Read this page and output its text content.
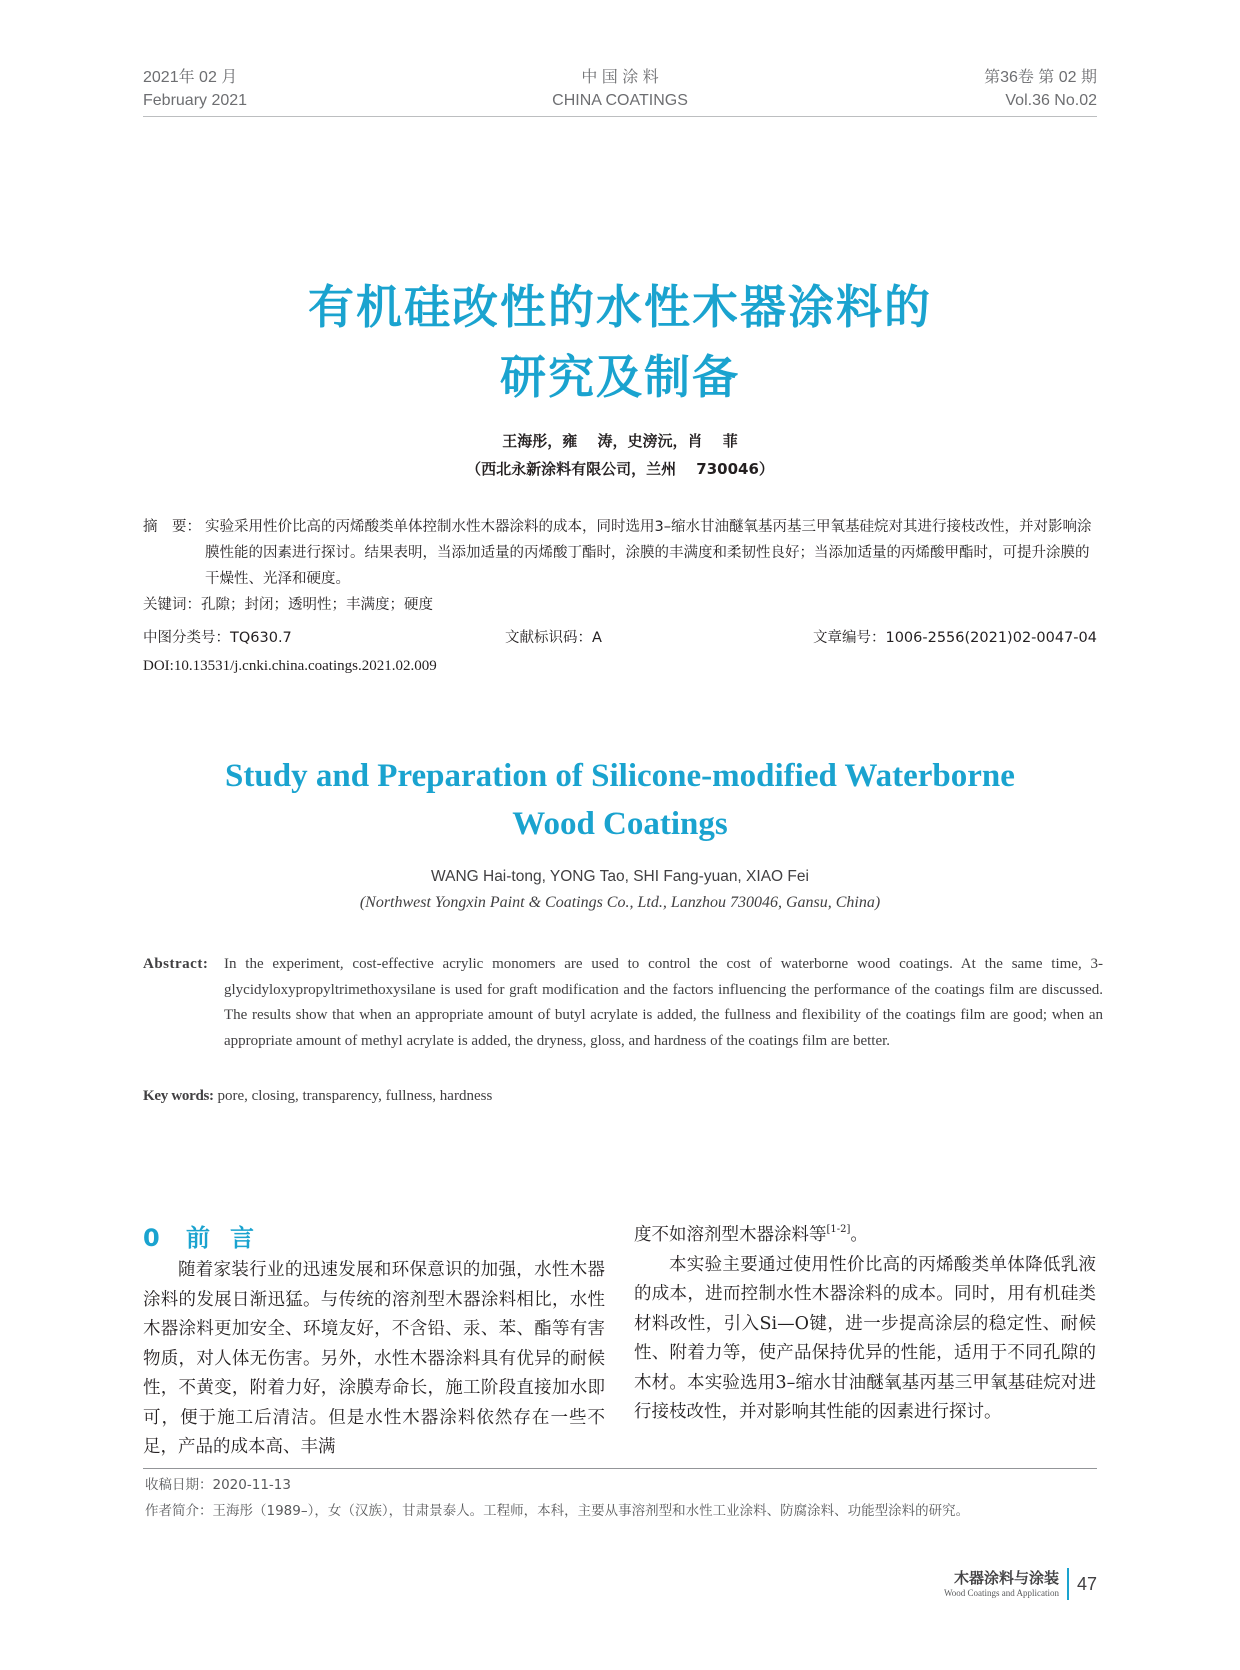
2021年 02 月
February 2021
中 国 涂 料
CHINA COATINGS
第36卷 第 02 期
Vol.36 No.02
有机硅改性的水性木器涂料的
研究及制备
王海彤，雍　 涛，史滂沅，肖　 菲
（西北永新涂料有限公司，兰州　 730046）
摘　要： 实验采用性价比高的丙烯酸类单体控制水性木器涂料的成本，同时选用3–缩水甘油醚氧基丙基三甲氧基硅烷对其进行接枝改性，并对影响涂膜性能的因素进行探讨。结果表明，当添加适量的丙烯酸丁酯时，涂膜的丰满度和柔韧性良好；当添加适量的丙烯酸甲酯时，可提升涂膜的干燥性、光泽和硬度。
关键词：孔隙；封闭；透明性；丰满度；硬度
中图分类号：TQ630.7	文献标识码：A	文章编号：1006-2556(2021)02-0047-04
DOI:10.13531/j.cnki.china.coatings.2021.02.009
Study and Preparation of Silicone-modified Waterborne
Wood Coatings
WANG Hai-tong, YONG Tao, SHI Fang-yuan, XIAO Fei
(Northwest Yongxin Paint & Coatings Co., Ltd., Lanzhou 730046, Gansu, China)
Abstract: In the experiment, cost-effective acrylic monomers are used to control the cost of waterborne wood coatings. At the same time, 3-glycidyloxypropyltrimethoxysilane is used for graft modification and the factors influencing the performance of the coatings film are discussed. The results show that when an appropriate amount of butyl acrylate is added, the fullness and flexibility of the coatings film are good; when an appropriate amount of methyl acrylate is added, the dryness, gloss, and hardness of the coatings film are better.
Key words: pore, closing, transparency, fullness, hardness
0 前言

随着家装行业的迅速发展和环保意识的加强，水性木器涂料的发展日渐迅猛。与传统的溶剂型木器涂料相比，水性木器涂料更加安全、环境友好，不含铅、汞、苯、酯等有害物质，对人体无伤害。另外，水性木器涂料具有优异的耐候性，不黄变，附着力好，涂膜寿命长，施工阶段直接加水即可，便于施工后清洁。但是水性木器涂料依然存在一些不足，产品的成本高、丰满

度不如溶剂型木器涂料等[1-2]。

本实验主要通过使用性价比高的丙烯酸类单体降低乳液的成本，进而控制水性木器涂料的成本。同时，用有机硅类材料改性，引入Si—O键，进一步提高涂层的稳定性、耐候性、附着力等，使产品保持优异的性能，适用于不同孔隙的木材。本实验选用3–缩水甘油醚氧基丙基三甲氧基硅烷对进行接枝改性，并对影响其性能的因素进行探讨。

收稿日期：2020-11-13
作者简介：王海彤（1989–），女（汉族），甘肃景泰人。工程师，本科，主要从事溶剂型和水性工业涂料、防腐涂料、功能型涂料的研究。
木器涂料与涂装
Wood Coatings and Application	47
